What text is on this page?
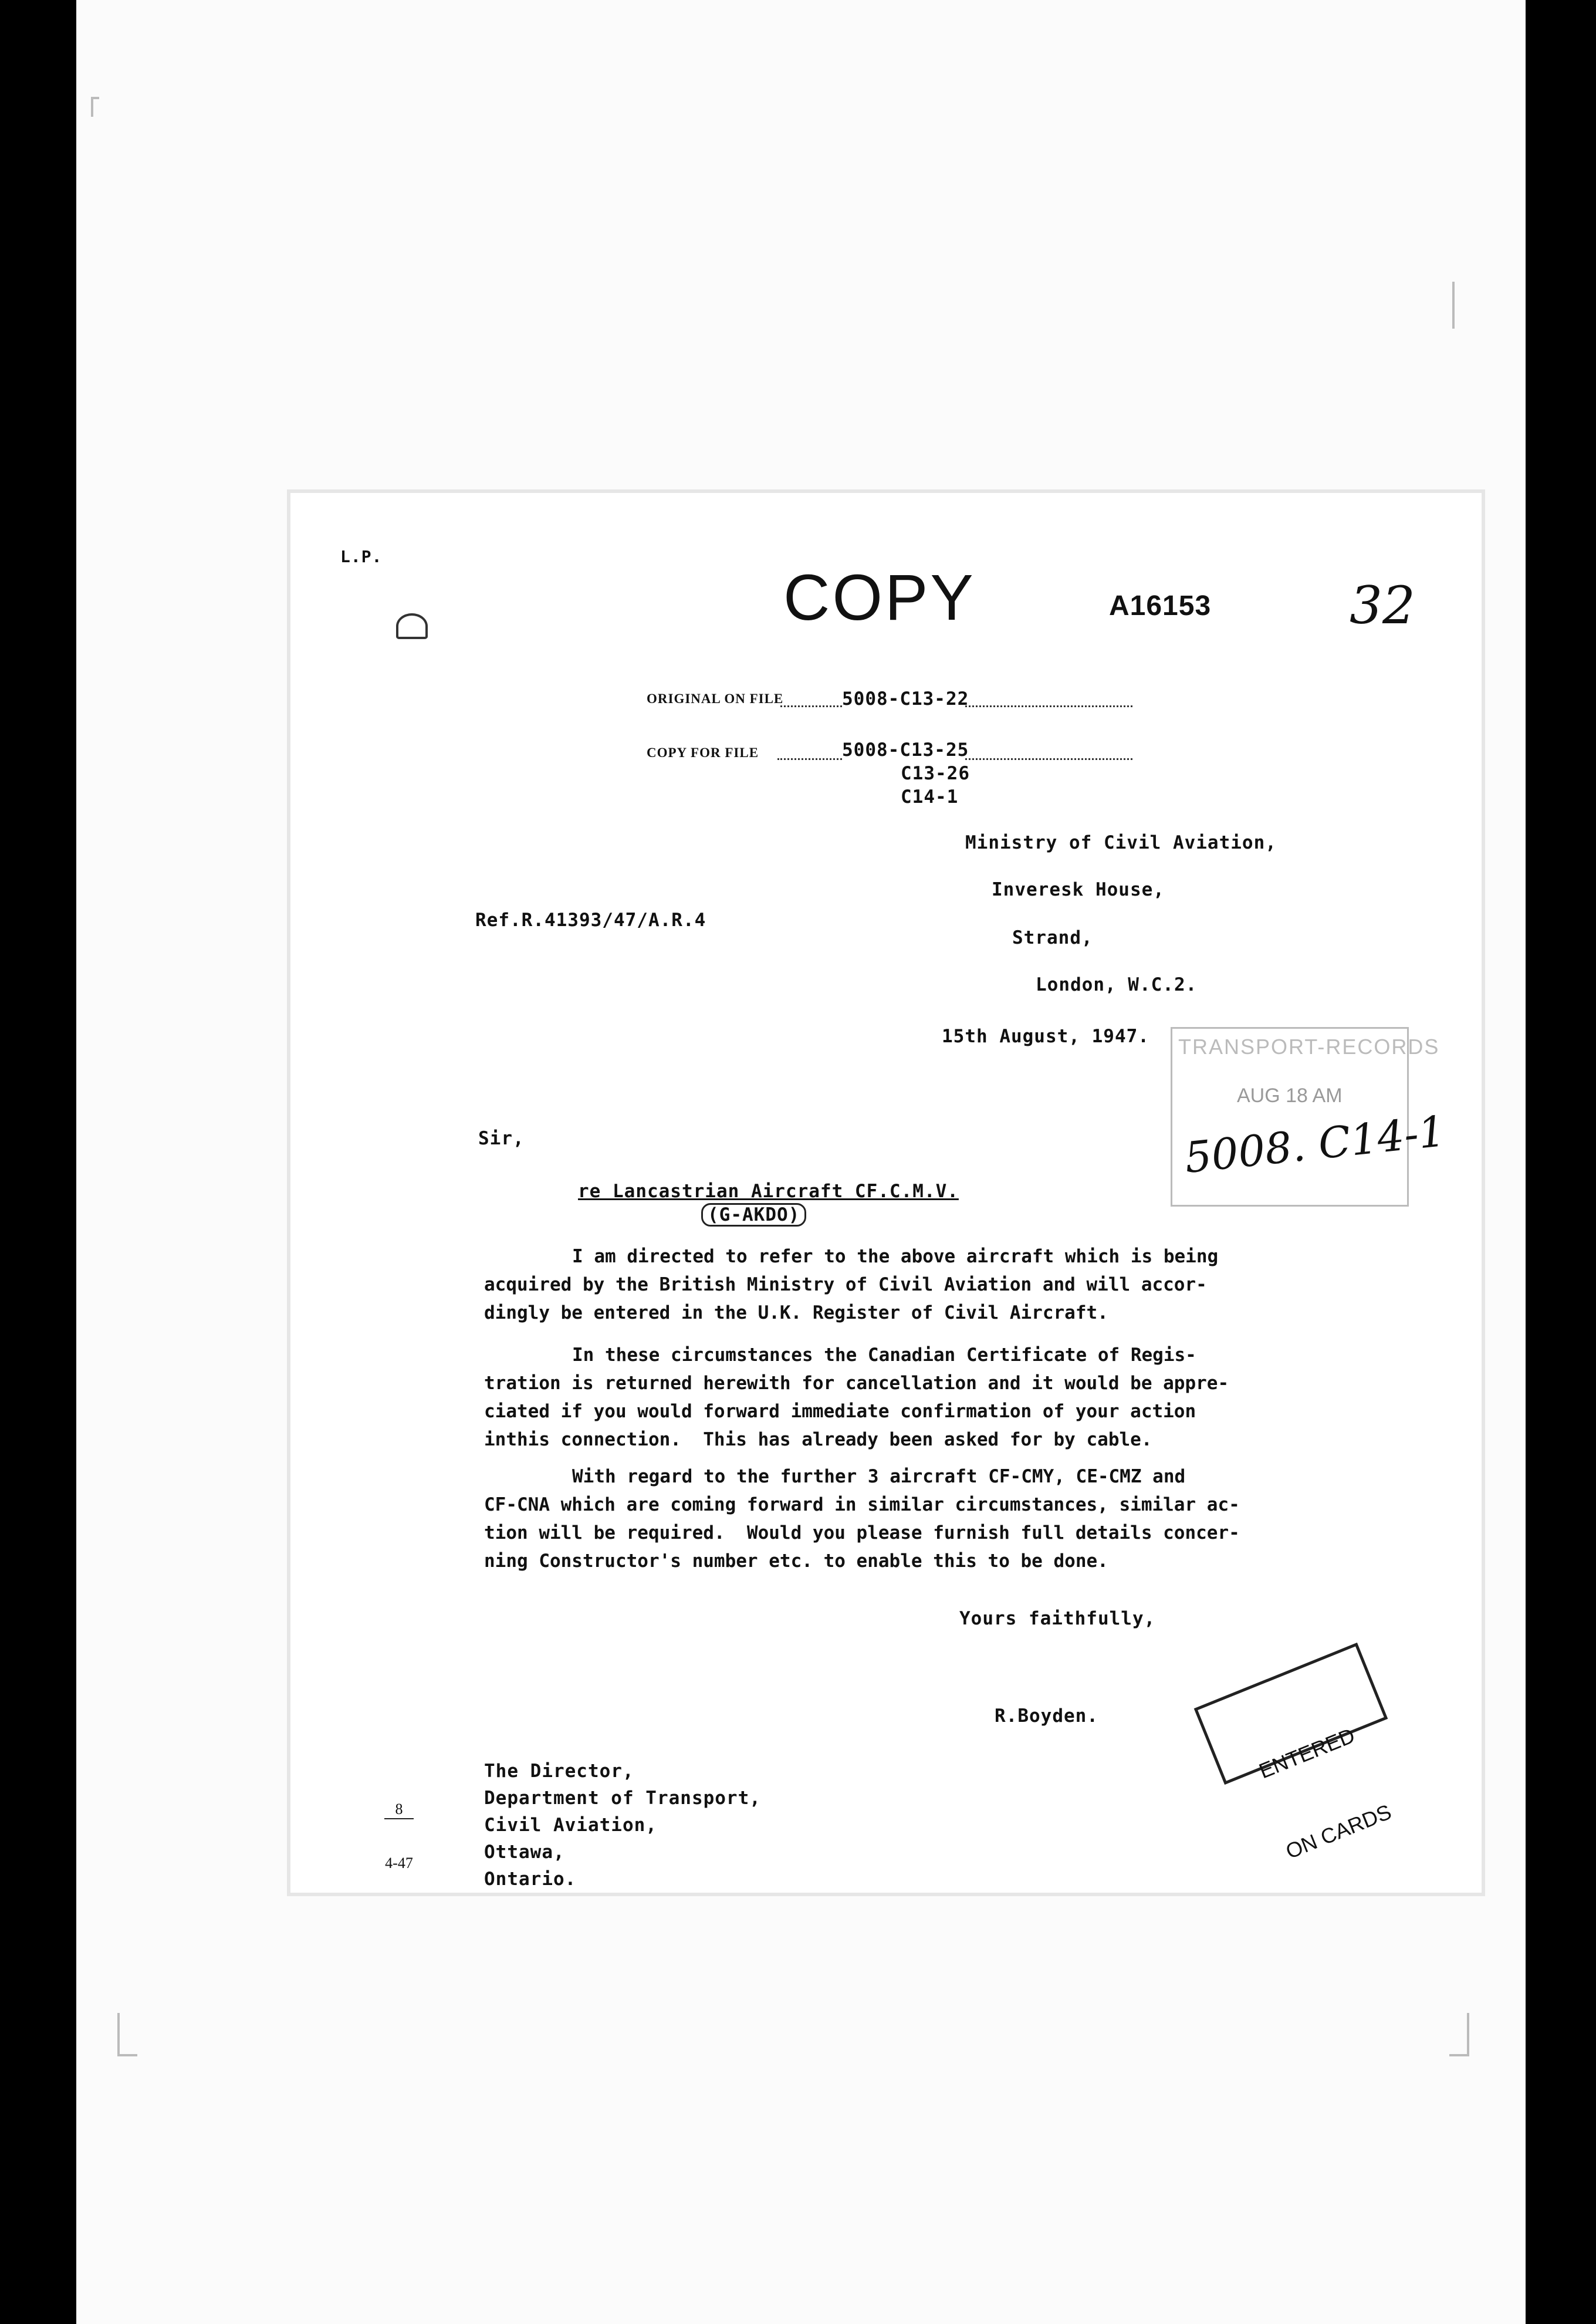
L.P.
COPY	A16153	32
ORIGINAL ON FILE	5008-C13-22
COPY FOR FILE	5008-C13-25
C13-26
C14-1
Ministry of Civil Aviation,
Inveresk House,
Strand,
London, W.C.2.
Ref.R.41393/47/A.R.4
15th August, 1947.

TRANSPORT-RECORDS

AUG 18 AM

5008. C14-1

Sir,
re Lancastrian Aircraft CF.C.M.V.
(G-AKDO)
I am directed to refer to the above aircraft which is being
acquired by the British Ministry of Civil Aviation and will accor-
dingly be entered in the U.K. Register of Civil Aircraft.
In these circumstances the Canadian Certificate of Regis-
tration is returned herewith for cancellation and it would be appre-
ciated if you would forward immediate confirmation of your action
inthis connection.  This has already been asked for by cable.
With regard to the further 3 aircraft CF-CMY, CE-CMZ and
CF-CNA which are coming forward in similar circumstances, similar ac-
tion will be required.  Would you please furnish full details concer-
ning Constructor's number etc. to enable this to be done.
Yours faithfully,
R.Boyden.

ENTERED

ON CARDS

8

4-47

The Director,
Department of Transport,
Civil Aviation,
Ottawa,
Ontario.
